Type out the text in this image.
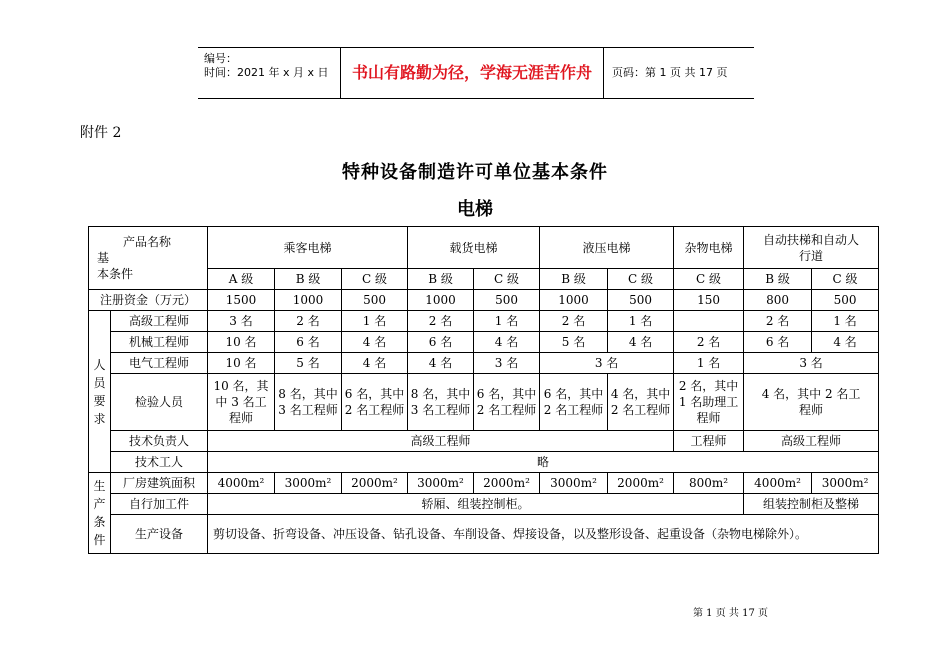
编号：
时间：2021 年 x 月 x 日	书山有路勤为径，学海无涯苦作舟	页码：第 1 页 共 17 页
附件 2
特种设备制造许可单位基本条件
电梯
产品名称
基
本条件		乘客电梯			载货电梯		液压电梯		杂物电梯	自动扶梯和自动人行道	
		A 级	B 级	C 级	B 级	C 级	B 级	C 级	C 级	B 级	C 级
注册资金（万元）		1500	1000	500	1000	500	1000	500	150	800	500
人员要求	高级工程师	3 名	2 名	1 名	2 名	1 名	2 名	1 名		2 名	1 名
	机械工程师	10 名	6 名	4 名	6 名	4 名	5 名	4 名	2 名	6 名	4 名
	电气工程师	10 名	5 名	4 名	4 名	3 名	3 名		1 名	3 名	
	检验人员	10 名，其中 3 名工程师	8 名，其中 3 名工程师	6 名，其中 2 名工程师	8 名，其中 3 名工程师	6 名，其中 2 名工程师	6 名，其中 2 名工程师	4 名，其中 2 名工程师	2 名，其中 1 名助理工程师	4 名，其中 2 名工程师	
	技术负责人	高级工程师							工程师	高级工程师	
	技术工人	略									
生产条件	厂房建筑面积	4000m²	3000m²	2000m²	3000m²	2000m²	3000m²	2000m²	800m²	4000m²	3000m²
	自行加工件	轿厢、组装控制柜。								组装控制柜及整梯	
	生产设备	剪切设备、折弯设备、冲压设备、钻孔设备、车削设备、焊接设备，以及整形设备、起重设备（杂物电梯除外）。									
第 1 页 共 17 页
